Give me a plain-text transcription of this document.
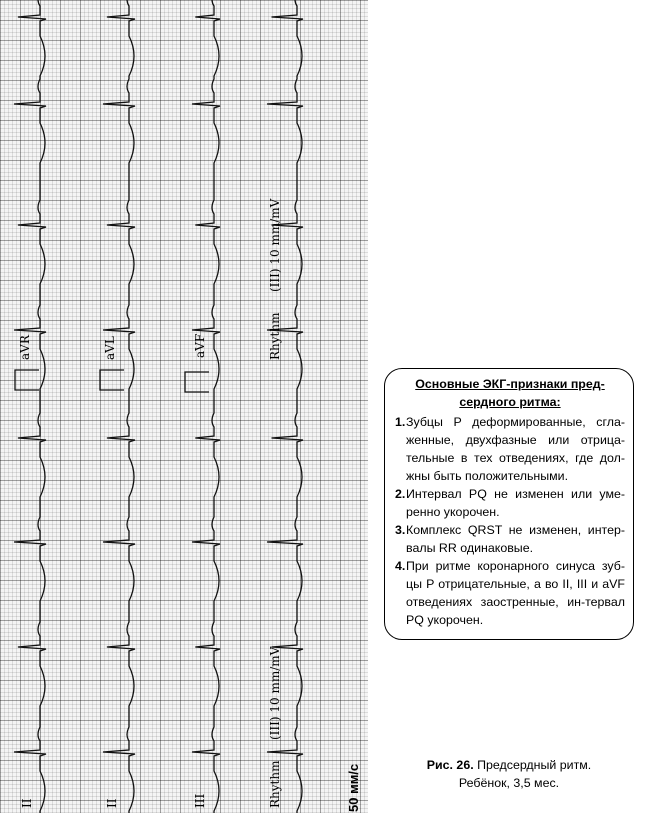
aVR	aVL	aVF	Rhythm
(III) 10 mm/mV
II	II	III	Rhythm
(III) 10 mm/mV
50 мм/с
Основные ЭКГ-признаки пред-сердного ритма:
1. Зубцы P деформированные, сгла-женные, двухфазные или отрица-тельные в тех отведениях, где дол-жны быть положительными.
2. Интервал PQ не изменен или уме-ренно укорочен.
3. Комплекс QRST не изменен, интер-валы RR одинаковые.
4. При ритме коронарного синуса зуб-цы P отрицательные, а во II, III и aVF отведениях заостренные, ин-тервал PQ укорочен.
Рис. 26. Предсердный ритм.
Ребёнок, 3,5 мес.
